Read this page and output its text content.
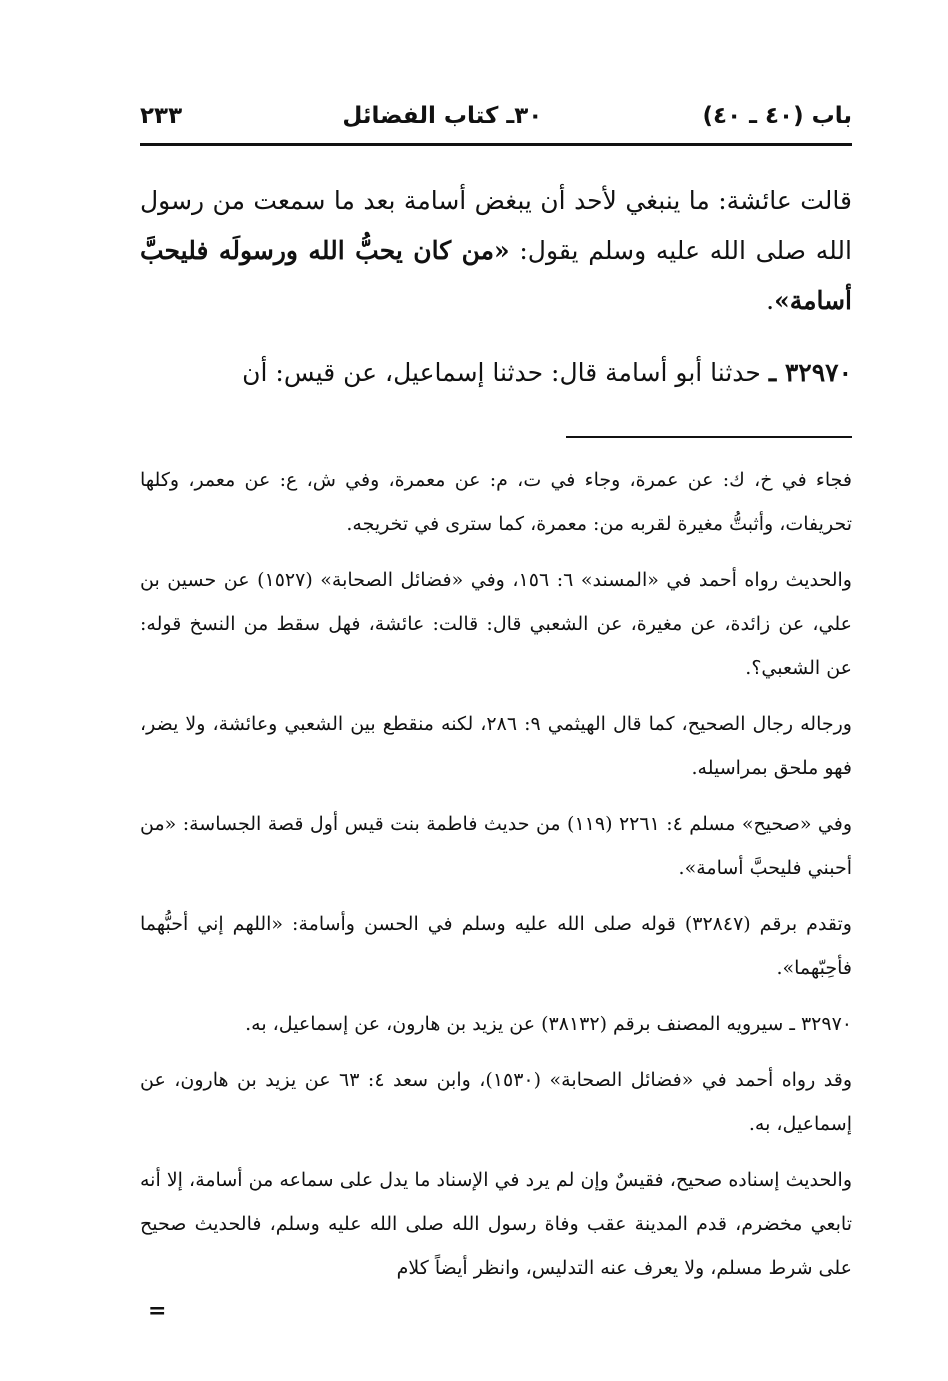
باب (٤٠ ـ ٤٠)
٣٠ـ كتاب الفضائل
٢٣٣

قالت عائشة: ما ينبغي لأحد أن يبغض أسامة بعد ما سمعت من رسول الله صلى الله عليه وسلم يقول: «من كان يحبُّ الله ورسولَه فليحبَّ أسامة».

٣٢٩٧٠ ـ حدثنا أبو أسامة قال: حدثنا إسماعيل، عن قيس: أن

فجاء في خ، ك: عن عمرة، وجاء في ت، م: عن معمرة، وفي ش، ع: عن معمر، وكلها تحريفات، وأثبتُّ مغيرة لقربه من: معمرة، كما سترى في تخريجه.

والحديث رواه أحمد في «المسند» ٦: ١٥٦، وفي «فضائل الصحابة» (١٥٢٧) عن حسين بن علي، عن زائدة، عن مغيرة، عن الشعبي قال: قالت: عائشة، فهل سقط من النسخ قوله: عن الشعبي؟.

ورجاله رجال الصحيح، كما قال الهيثمي ٩: ٢٨٦، لكنه منقطع بين الشعبي وعائشة، ولا يضر، فهو ملحق بمراسيله.

وفي «صحيح» مسلم ٤: ٢٢٦١ (١١٩) من حديث فاطمة بنت قيس أول قصة الجساسة: «من أحبني فليحبَّ أسامة».

وتقدم برقم (٣٢٨٤٧) قوله صلى الله عليه وسلم في الحسن وأسامة: «اللهم إني أحبُّهما فأحِبّهما».

٣٢٩٧٠ ـ سيرويه المصنف برقم (٣٨١٣٢) عن يزيد بن هارون، عن إسماعيل، به.

وقد رواه أحمد في «فضائل الصحابة» (١٥٣٠)، وابن سعد ٤: ٦٣ عن يزيد بن هارون، عن إسماعيل، به.

والحديث إسناده صحيح، فقيسٌ وإن لم يرد في الإسناد ما يدل على سماعه من أسامة، إلا أنه تابعي مخضرم، قدم المدينة عقب وفاة رسول الله صلى الله عليه وسلم، فالحديث صحيح على شرط مسلم، ولا يعرف عنه التدليس، وانظر أيضاً كلام

=
